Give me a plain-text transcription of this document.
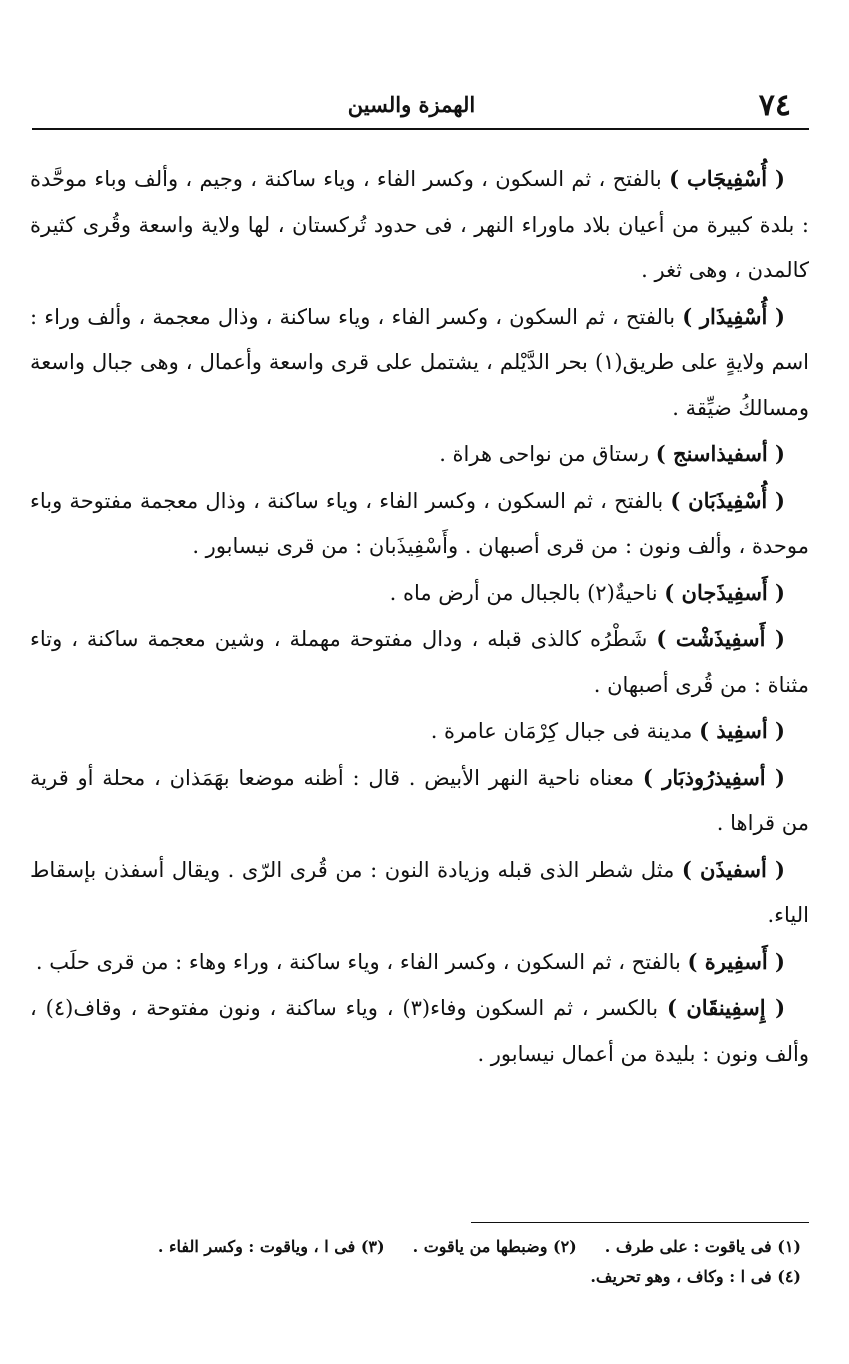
٧٤
الهمزة والسين

( أُسْفِيجَاب ) بالفتح ، ثم السكون ، وكسر الفاء ، وياء ساكنة ، وجيم ، وألف وباء موحَّدة : بلدة كبيرة من أعيان بلاد ماوراء النهر ، فى حدود تُركستان ، لها ولاية واسعة وقُرى كثيرة كالمدن ، وهى ثغر .

( أُسْفِيذَار ) بالفتح ، ثم السكون ، وكسر الفاء ، وياء ساكنة ، وذال معجمة ، وألف وراء : اسم ولايةٍ على طريق(١) بحر الدَّيْلم ، يشتمل على قرى واسعة وأعمال ، وهى جبال واسعة ومسالكُ ضيِّقة .

( أسفيذاسنج ) رستاق من نواحى هراة .

( أُسْفِيذَبَان ) بالفتح ، ثم السكون ، وكسر الفاء ، وياء ساكنة ، وذال معجمة مفتوحة وباء موحدة ، وألف ونون : من قرى أصبهان . وأَسْفِيذَبان : من قرى نيسابور .

( أَسفِيذَجان ) ناحيةٌ(٢) بالجبال من أرض ماه .

( أَسفِيذَشْت ) شَطْرُه كالذى قبله ، ودال مفتوحة مهملة ، وشين معجمة ساكنة ، وتاء مثناة : من قُرى أصبهان .

( أسفِيذ ) مدينة فى جبال كِرْمَان عامرة .

( أسفِيذرُوذبَار ) معناه ناحية النهر الأبيض . قال : أظنه موضعا بهَمَذان ، محلة أو قرية من قراها .

( أسفيذَن ) مثل شطر الذى قبله وزيادة النون : من قُرى الرّى . ويقال أسفذن بإسقاط الياء.

( أَسفِيرة ) بالفتح ، ثم السكون ، وكسر الفاء ، وياء ساكنة ، وراء وهاء : من قرى حلَب .

( إِسفِينقَان ) بالكسر ، ثم السكون وفاء(٣) ، وياء ساكنة ، ونون مفتوحة ، وقاف(٤) ، وألف ونون : بليدة من أعمال نيسابور .

(١) فى ياقوت : على طرف .(٢) وضبطها من ياقوت .(٣) فى ا ، وياقوت : وكسر الفاء .

(٤) فى ا : وكاف ، وهو تحريف.
